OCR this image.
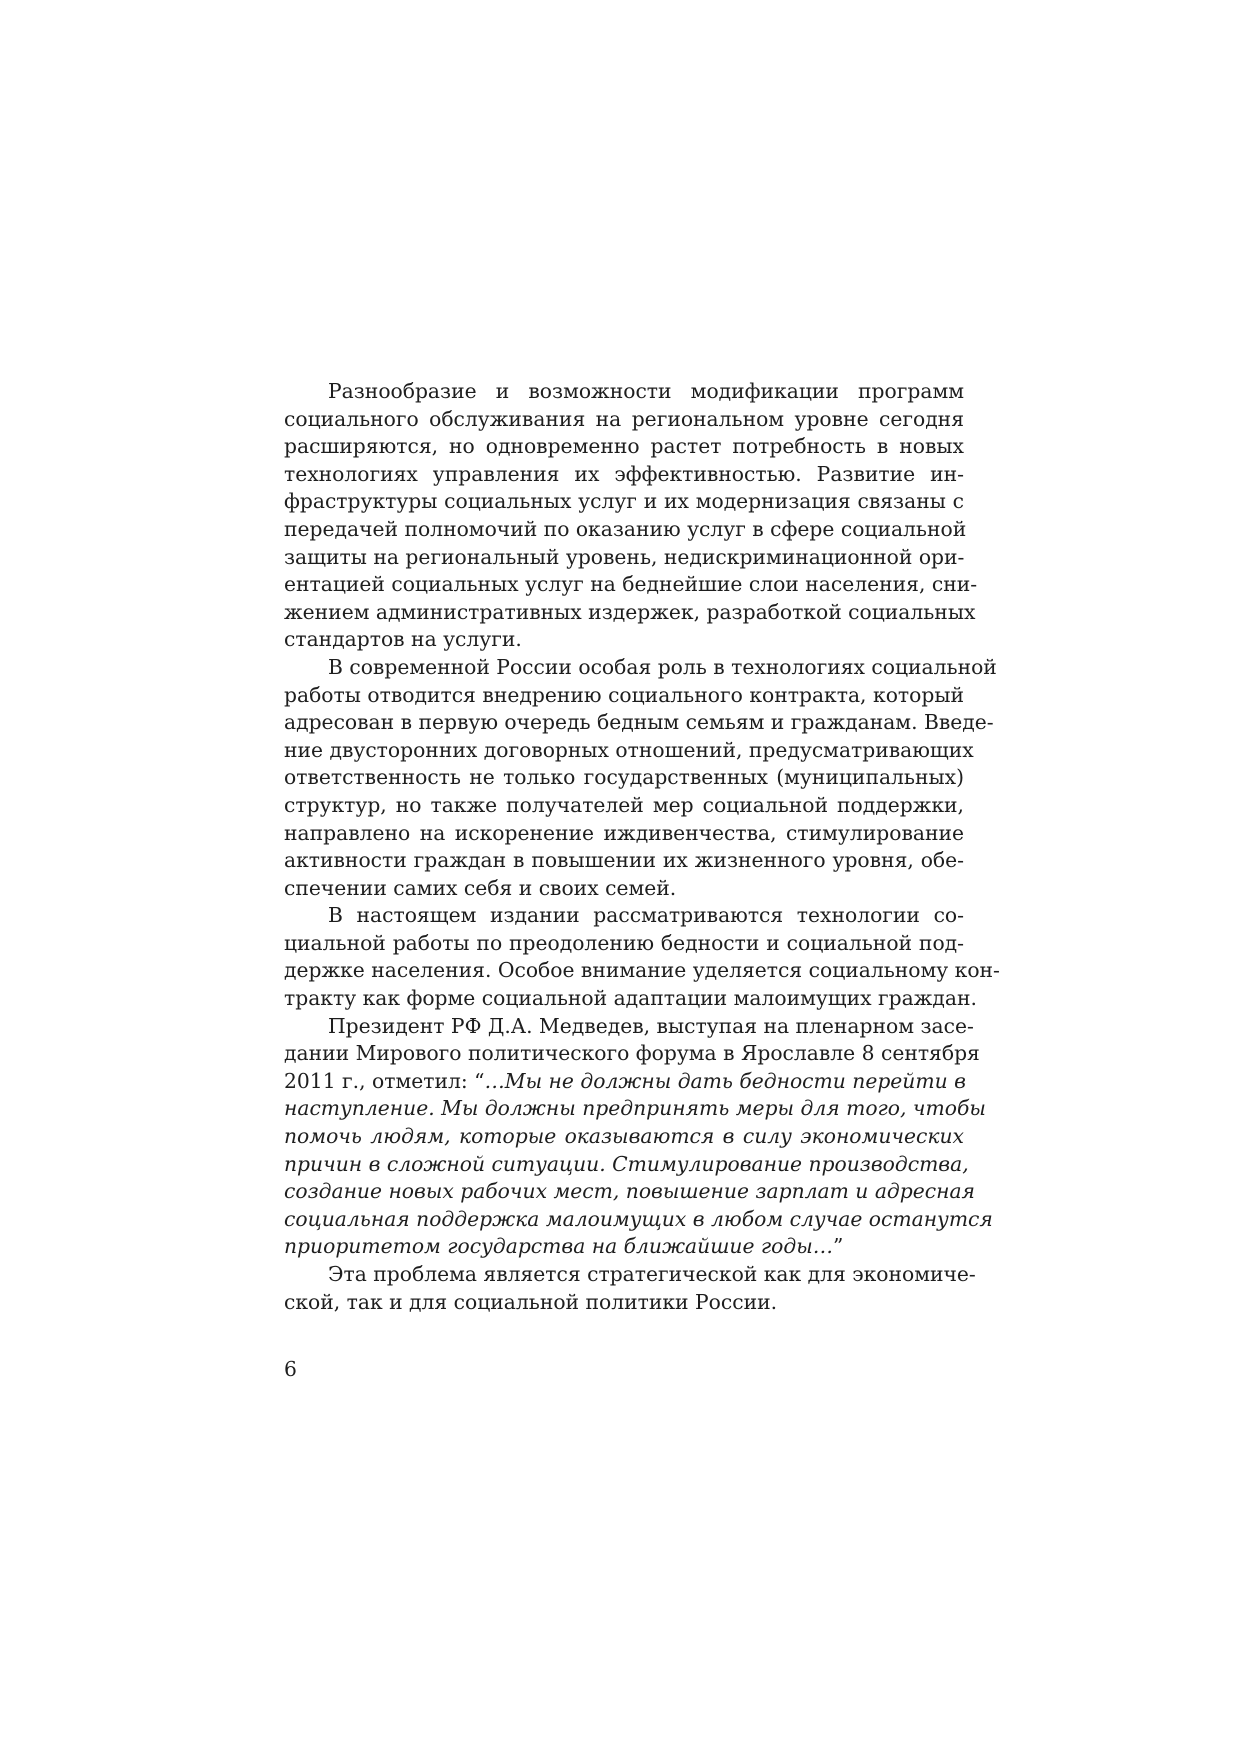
Разнообразие и возможности модификации программ
социального обслуживания на региональном уровне сегодня
расширяются, но одновременно растет потребность в новых
технологиях управления их эффективностью. Развитие ин-
фраструктуры социальных услуг и их модернизация связаны с
передачей полномочий по оказанию услуг в сфере социальной
защиты на региональный уровень, недискриминационной ори-
ентацией социальных услуг на беднейшие слои населения, сни-
жением административных издержек, разработкой социальных
стандартов на услуги.

В современной России особая роль в технологиях социальной
работы отводится внедрению социального контракта, который
адресован в первую очередь бедным семьям и гражданам. Введе-
ние двусторонних договорных отношений, предусматривающих
ответственность не только государственных (муниципальных)
структур, но также получателей мер социальной поддержки,
направлено на искоренение иждивенчества, стимулирование
активности граждан в повышении их жизненного уровня, обе-
спечении самих себя и своих семей.

В настоящем издании рассматриваются технологии со-
циальной работы по преодолению бедности и социальной под-
держке населения. Особое внимание уделяется социальному кон-
тракту как форме социальной адаптации малоимущих граждан.

Президент РФ Д.А. Медведев, выступая на пленарном засе-
дании Мирового политического форума в Ярославле 8 сентября
2011 г., отметил: “…Мы не должны дать бедности перейти в
наступление. Мы должны предпринять меры для того, чтобы
помочь людям, которые оказываются в силу экономических
причин в сложной ситуации. Стимулирование производства,
создание новых рабочих мест, повышение зарплат и адресная
социальная поддержка малоимущих в любом случае останутся
приоритетом государства на ближайшие годы…”

Эта проблема является стратегической как для экономиче-
ской, так и для социальной политики России.

6
